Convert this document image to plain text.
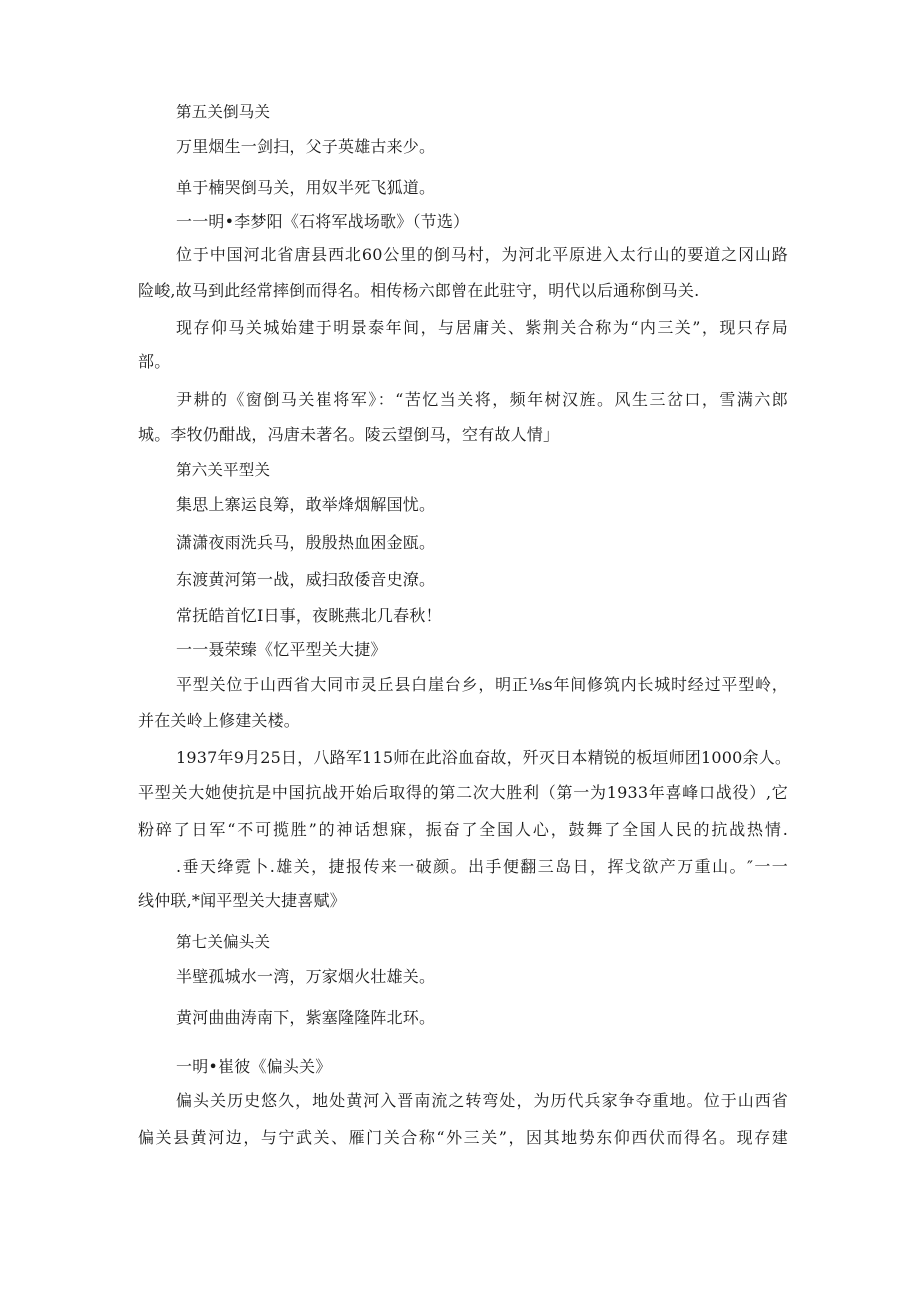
第五关倒马关
万里烟生一剑扫，父子英雄古来少。
单于楠哭倒马关，用奴半死飞狐道。
一一明•李梦阳《石将军战场歌》（节选）
位于中国河北省唐县西北60公里的倒马村，为河北平原进入太行山的要道之冈山路
险峻,故马到此经常摔倒而得名。相传杨六郎曾在此驻守，明代以后通称倒马关.
现存仰马关城始建于明景泰年间，与居庸关、紫荆关合称为“内三关”，现只存局
部。
尹耕的《窗倒马关崔将军》：“苦忆当关将，频年树汉旌。风生三岔口，雪满六郎
城。李牧仍酣战，冯唐未著名。陵云望倒马，空有故人情」
第六关平型关
集思上寨运良筹，敢举烽烟解国忧。
潇潇夜雨洗兵马，殷殷热血困金瓯。
东渡黄河第一战，威扫敌倭音史潦。
常抚皓首忆I日事，夜眺燕北几春秋！
一一聂荣臻《忆平型关大捷》
平型关位于山西省大同市灵丘县白崖台乡，明正⅛s年间修筑内长城时经过平型岭，
并在关岭上修建关楼。
1937年9月25日，八路军115师在此浴血奋故，歼灭日本精锐的板垣师团1000余人。
平型关大她使抗是中国抗战开始后取得的第二次大胜利（第一为1933年喜峰口战役）,它
粉碎了日军“不可揽胜”的神话想寐，振奋了全国人心，鼓舞了全国人民的抗战热情.
.垂天绛霓卜.雄关，捷报传来一破颜。出手便翻三岛日，挥戈欲产万重山。″一一
线仲联,*闻平型关大捷喜赋》
第七关偏头关
半壁孤城水一湾，万家烟火壮雄关。
黄河曲曲涛南下，紫塞隆隆阵北环。
一明•崔彼《偏头关》
偏头关历史悠久，地处黄河入晋南流之转弯处，为历代兵家争夺重地。位于山西省
偏关县黄河边，与宁武关、雁门关合称“外三关”，因其地势东仰西伏而得名。现存建
